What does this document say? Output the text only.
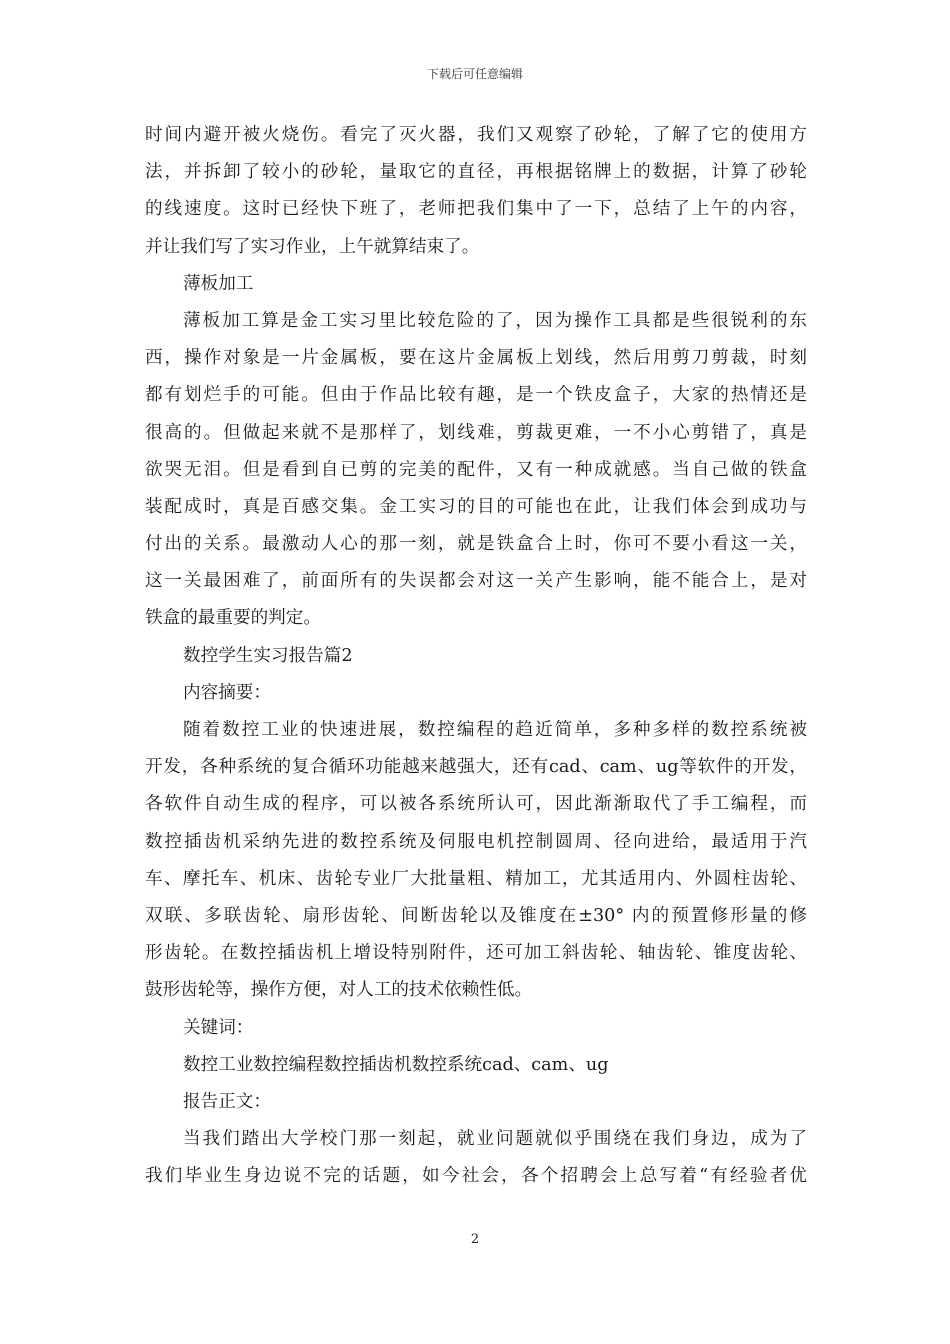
下载后可任意编辑
时间内避开被火烧伤。看完了灭火器，我们又观察了砂轮，了解了它的使用方
法，并拆卸了较小的砂轮，量取它的直径，再根据铭牌上的数据，计算了砂轮
的线速度。这时已经快下班了，老师把我们集中了一下，总结了上午的内容，
并让我们写了实习作业，上午就算结束了。
薄板加工
薄板加工算是金工实习里比较危险的了，因为操作工具都是些很锐利的东
西，操作对象是一片金属板，要在这片金属板上划线，然后用剪刀剪裁，时刻
都有划烂手的可能。但由于作品比较有趣，是一个铁皮盒子，大家的热情还是
很高的。但做起来就不是那样了，划线难，剪裁更难，一不小心剪错了，真是
欲哭无泪。但是看到自已剪的完美的配件，又有一种成就感。当自己做的铁盒
装配成时，真是百感交集。金工实习的目的可能也在此，让我们体会到成功与
付出的关系。最激动人心的那一刻，就是铁盒合上时，你可不要小看这一关，
这一关最困难了，前面所有的失误都会对这一关产生影响，能不能合上，是对
铁盒的最重要的判定。
数控学生实习报告篇2
内容摘要：
随着数控工业的快速进展，数控编程的趋近简单，多种多样的数控系统被
开发，各种系统的复合循环功能越来越强大，还有cad、cam、ug等软件的开发，
各软件自动生成的程序，可以被各系统所认可，因此渐渐取代了手工编程，而
数控插齿机采纳先进的数控系统及伺服电机控制圆周、径向进给，最适用于汽
车、摩托车、机床、齿轮专业厂大批量粗、精加工，尤其适用内、外圆柱齿轮、
双联、多联齿轮、扇形齿轮、间断齿轮以及锥度在±30° 内的预置修形量的修
形齿轮。在数控插齿机上增设特别附件，还可加工斜齿轮、轴齿轮、锥度齿轮、
鼓形齿轮等，操作方便，对人工的技术依赖性低。
关键词：
数控工业数控编程数控插齿机数控系统cad、cam、ug
报告正文：
当我们踏出大学校门那一刻起，就业问题就似乎围绕在我们身边，成为了
我们毕业生身边说不完的话题，如今社会，各个招聘会上总写着“有经验者优
2
